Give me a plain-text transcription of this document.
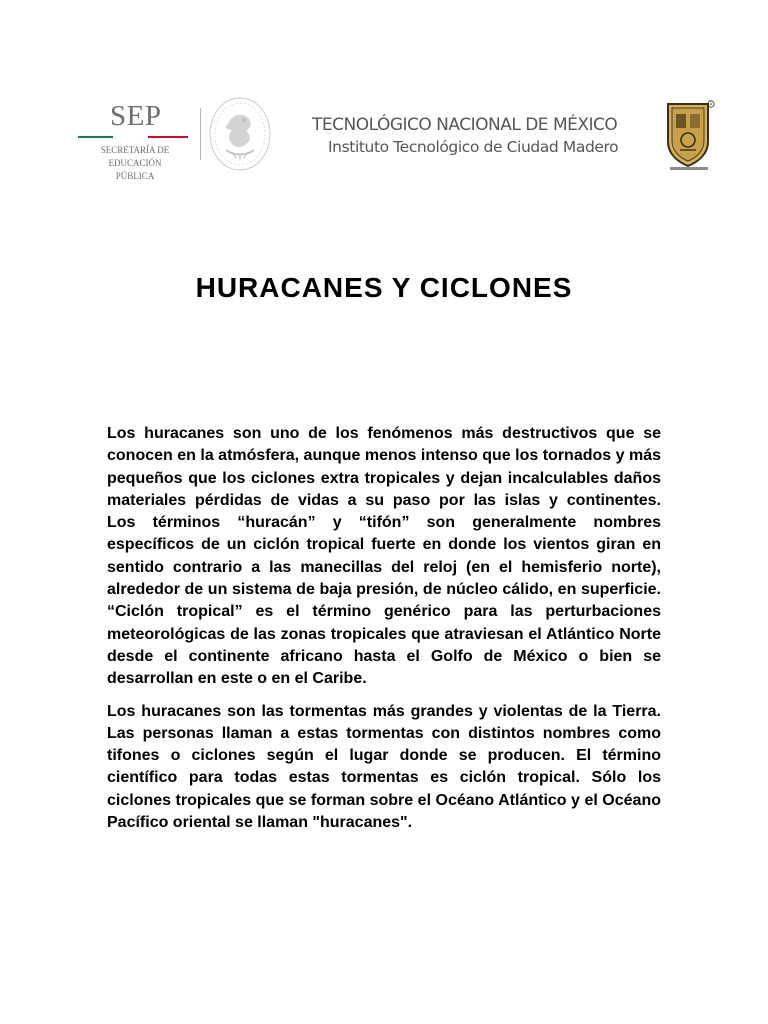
SEP
SECRETARÍA DE
EDUCACIÓN PÚBLICA
TECNOLÓGICO NACIONAL DE MÉXICO
Instituto Tecnológico de Ciudad Madero
R
HURACANES Y CICLONES

Los huracanes son uno de los fenómenos más destructivos que se conocen en la atmósfera, aunque menos intenso que los tornados y más pequeños que los ciclones extra tropicales y dejan incalculables daños materiales pérdidas de vidas a su paso por las islas y continentes.

Los términos “huracán” y “tifón” son generalmente nombres específicos de un ciclón tropical fuerte en donde los vientos giran en sentido contrario a las manecillas del reloj (en el hemisferio norte), alrededor de un sistema de baja presión, de núcleo cálido, en superficie. “Ciclón tropical” es el término genérico para las perturbaciones meteorológicas de las zonas tropicales que atraviesan el Atlántico Norte desde el continente africano hasta el Golfo de México o bien se desarrollan en este o en el Caribe.

Los huracanes son las tormentas más grandes y violentas de la Tierra. Las personas llaman a estas tormentas con distintos nombres como tifones o ciclones según el lugar donde se producen. El término científico para todas estas tormentas es ciclón tropical. Sólo los ciclones tropicales que se forman sobre el Océano Atlántico y el Océano Pacífico oriental se llaman "huracanes".
